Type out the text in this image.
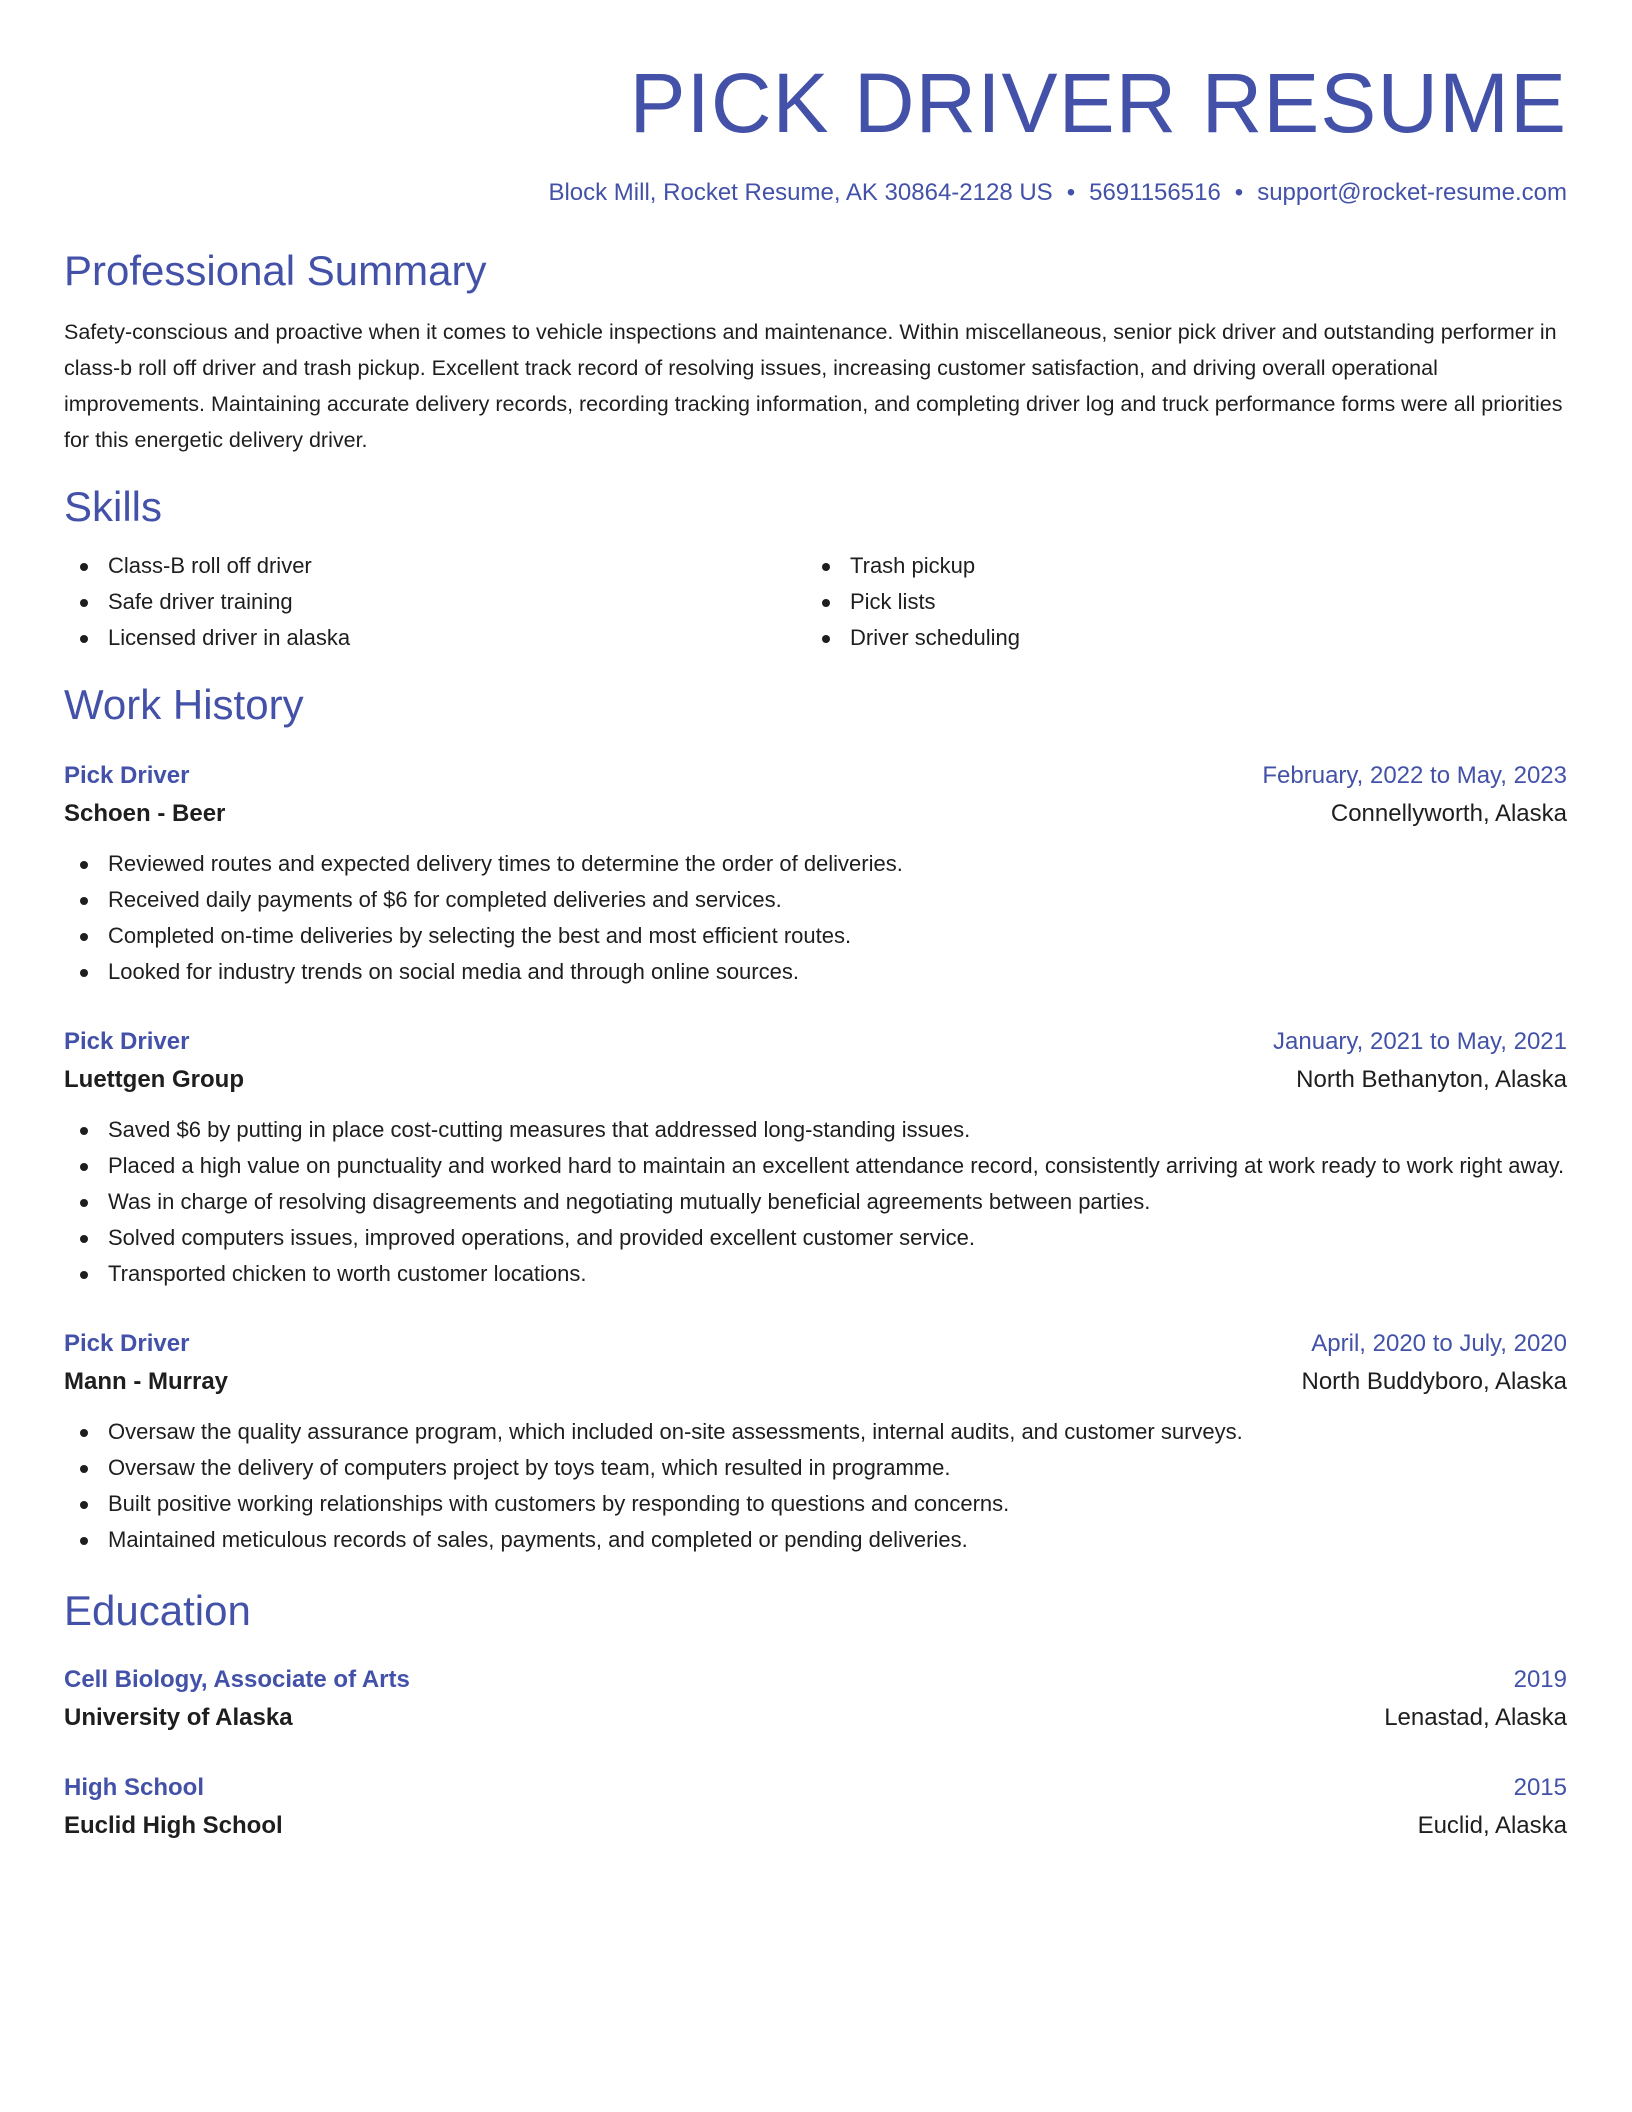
PICK DRIVER RESUME
Block Mill, Rocket Resume, AK 30864-2128 US • 5691156516 • support@rocket-resume.com
Professional Summary

Safety-conscious and proactive when it comes to vehicle inspections and maintenance. Within miscellaneous, senior pick driver and outstanding performer in class-b roll off driver and trash pickup. Excellent track record of resolving issues, increasing customer satisfaction, and driving overall operational improvements. Maintaining accurate delivery records, recording tracking information, and completing driver log and truck performance forms were all priorities for this energetic delivery driver.

Skills
Class-B roll off driver
Safe driver training
Licensed driver in alaska
Trash pickup
Pick lists
Driver scheduling
Work History
Pick Driver	February, 2022 to May, 2023
Schoen - Beer	Connellyworth, Alaska
Reviewed routes and expected delivery times to determine the order of deliveries.
Received daily payments of $6 for completed deliveries and services.
Completed on-time deliveries by selecting the best and most efficient routes.
Looked for industry trends on social media and through online sources.
Pick Driver	January, 2021 to May, 2021
Luettgen Group	North Bethanyton, Alaska
Saved $6 by putting in place cost-cutting measures that addressed long-standing issues.
Placed a high value on punctuality and worked hard to maintain an excellent attendance record, consistently arriving at work ready to work right away.
Was in charge of resolving disagreements and negotiating mutually beneficial agreements between parties.
Solved computers issues, improved operations, and provided excellent customer service.
Transported chicken to worth customer locations.
Pick Driver	April, 2020 to July, 2020
Mann - Murray	North Buddyboro, Alaska
Oversaw the quality assurance program, which included on-site assessments, internal audits, and customer surveys.
Oversaw the delivery of computers project by toys team, which resulted in programme.
Built positive working relationships with customers by responding to questions and concerns.
Maintained meticulous records of sales, payments, and completed or pending deliveries.
Education
Cell Biology, Associate of Arts	2019
University of Alaska	Lenastad, Alaska
High School	2015
Euclid High School	Euclid, Alaska
